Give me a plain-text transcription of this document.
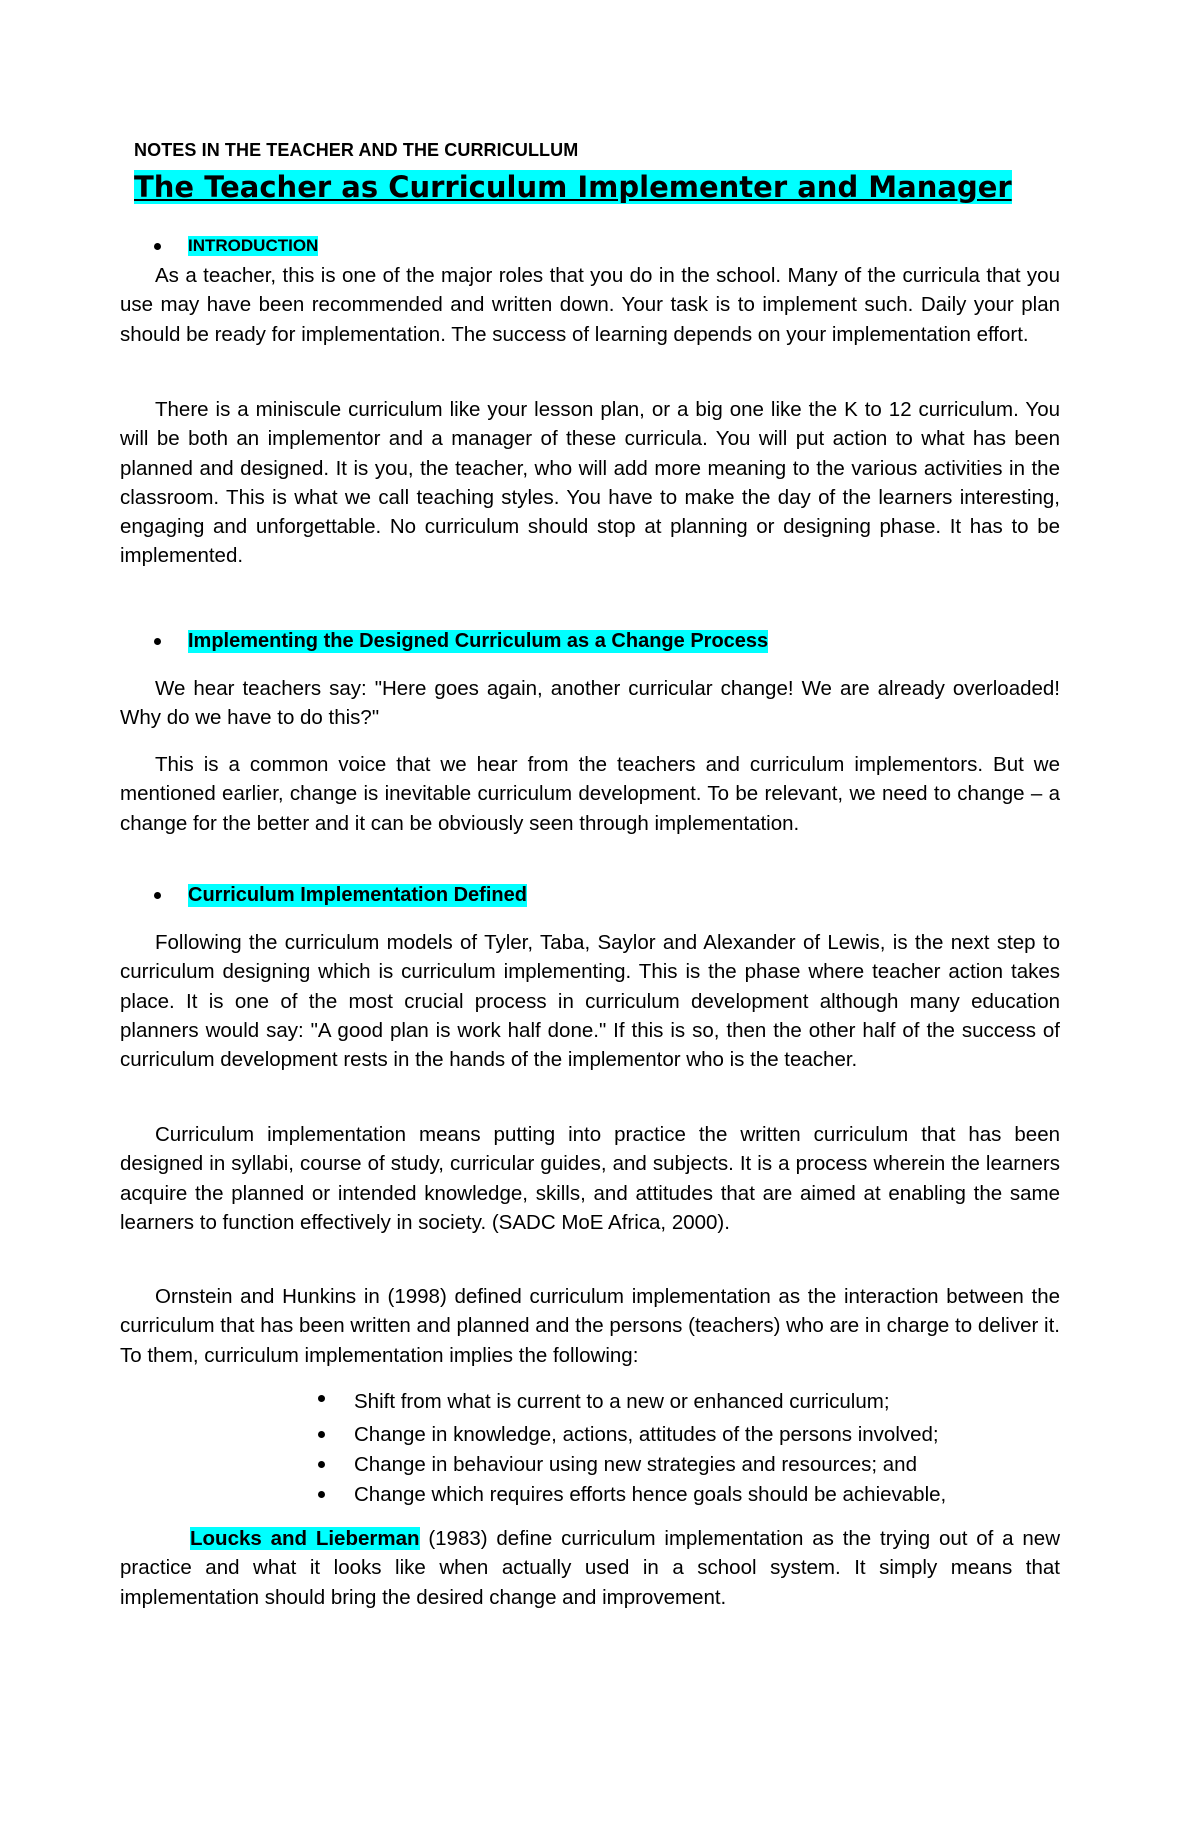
NOTES IN THE TEACHER AND THE CURRICULLUM
The Teacher as Curriculum Implementer and Manager
INTRODUCTION

As a teacher, this is one of the major roles that you do in the school. Many of the curricula that you use may have been recommended and written down. Your task is to implement such. Daily your plan should be ready for implementation. The success of learning depends on your implementation effort.

There is a miniscule curriculum like your lesson plan, or a big one like the K to 12 curriculum. You will be both an implementor and a manager of these curricula. You will put action to what has been planned and designed. It is you, the teacher, who will add more meaning to the various activities in the classroom. This is what we call teaching styles. You have to make the day of the learners interesting, engaging and unforgettable. No curriculum should stop at planning or designing phase. It has to be implemented.

Implementing the Designed Curriculum as a Change Process

We hear teachers say: "Here goes again, another curricular change! We are already overloaded! Why do we have to do this?"

This is a common voice that we hear from the teachers and curriculum implementors. But we mentioned earlier, change is inevitable curriculum development. To be relevant, we need to change – a change for the better and it can be obviously seen through implementation.

Curriculum Implementation Defined

Following the curriculum models of Tyler, Taba, Saylor and Alexander of Lewis, is the next step to curriculum designing which is curriculum implementing. This is the phase where teacher action takes place. It is one of the most crucial process in curriculum development although many education planners would say: "A good plan is work half done." If this is so, then the other half of the success of curriculum development rests in the hands of the implementor who is the teacher.

Curriculum implementation means putting into practice the written curriculum that has been designed in syllabi, course of study, curricular guides, and subjects. It is a process wherein the learners acquire the planned or intended knowledge, skills, and attitudes that are aimed at enabling the same learners to function effectively in society. (SADC MoE Africa, 2000).

Ornstein and Hunkins in (1998) defined curriculum implementation as the interaction between the curriculum that has been written and planned and the persons (teachers) who are in charge to deliver it. To them, curriculum implementation implies the following:

Shift from what is current to a new or enhanced curriculum;
Change in knowledge, actions, attitudes of the persons involved;
Change in behaviour using new strategies and resources; and
Change which requires efforts hence goals should be achievable,

Loucks and Lieberman (1983) define curriculum implementation as the trying out of a new practice and what it looks like when actually used in a school system. It simply means that implementation should bring the desired change and improvement.
